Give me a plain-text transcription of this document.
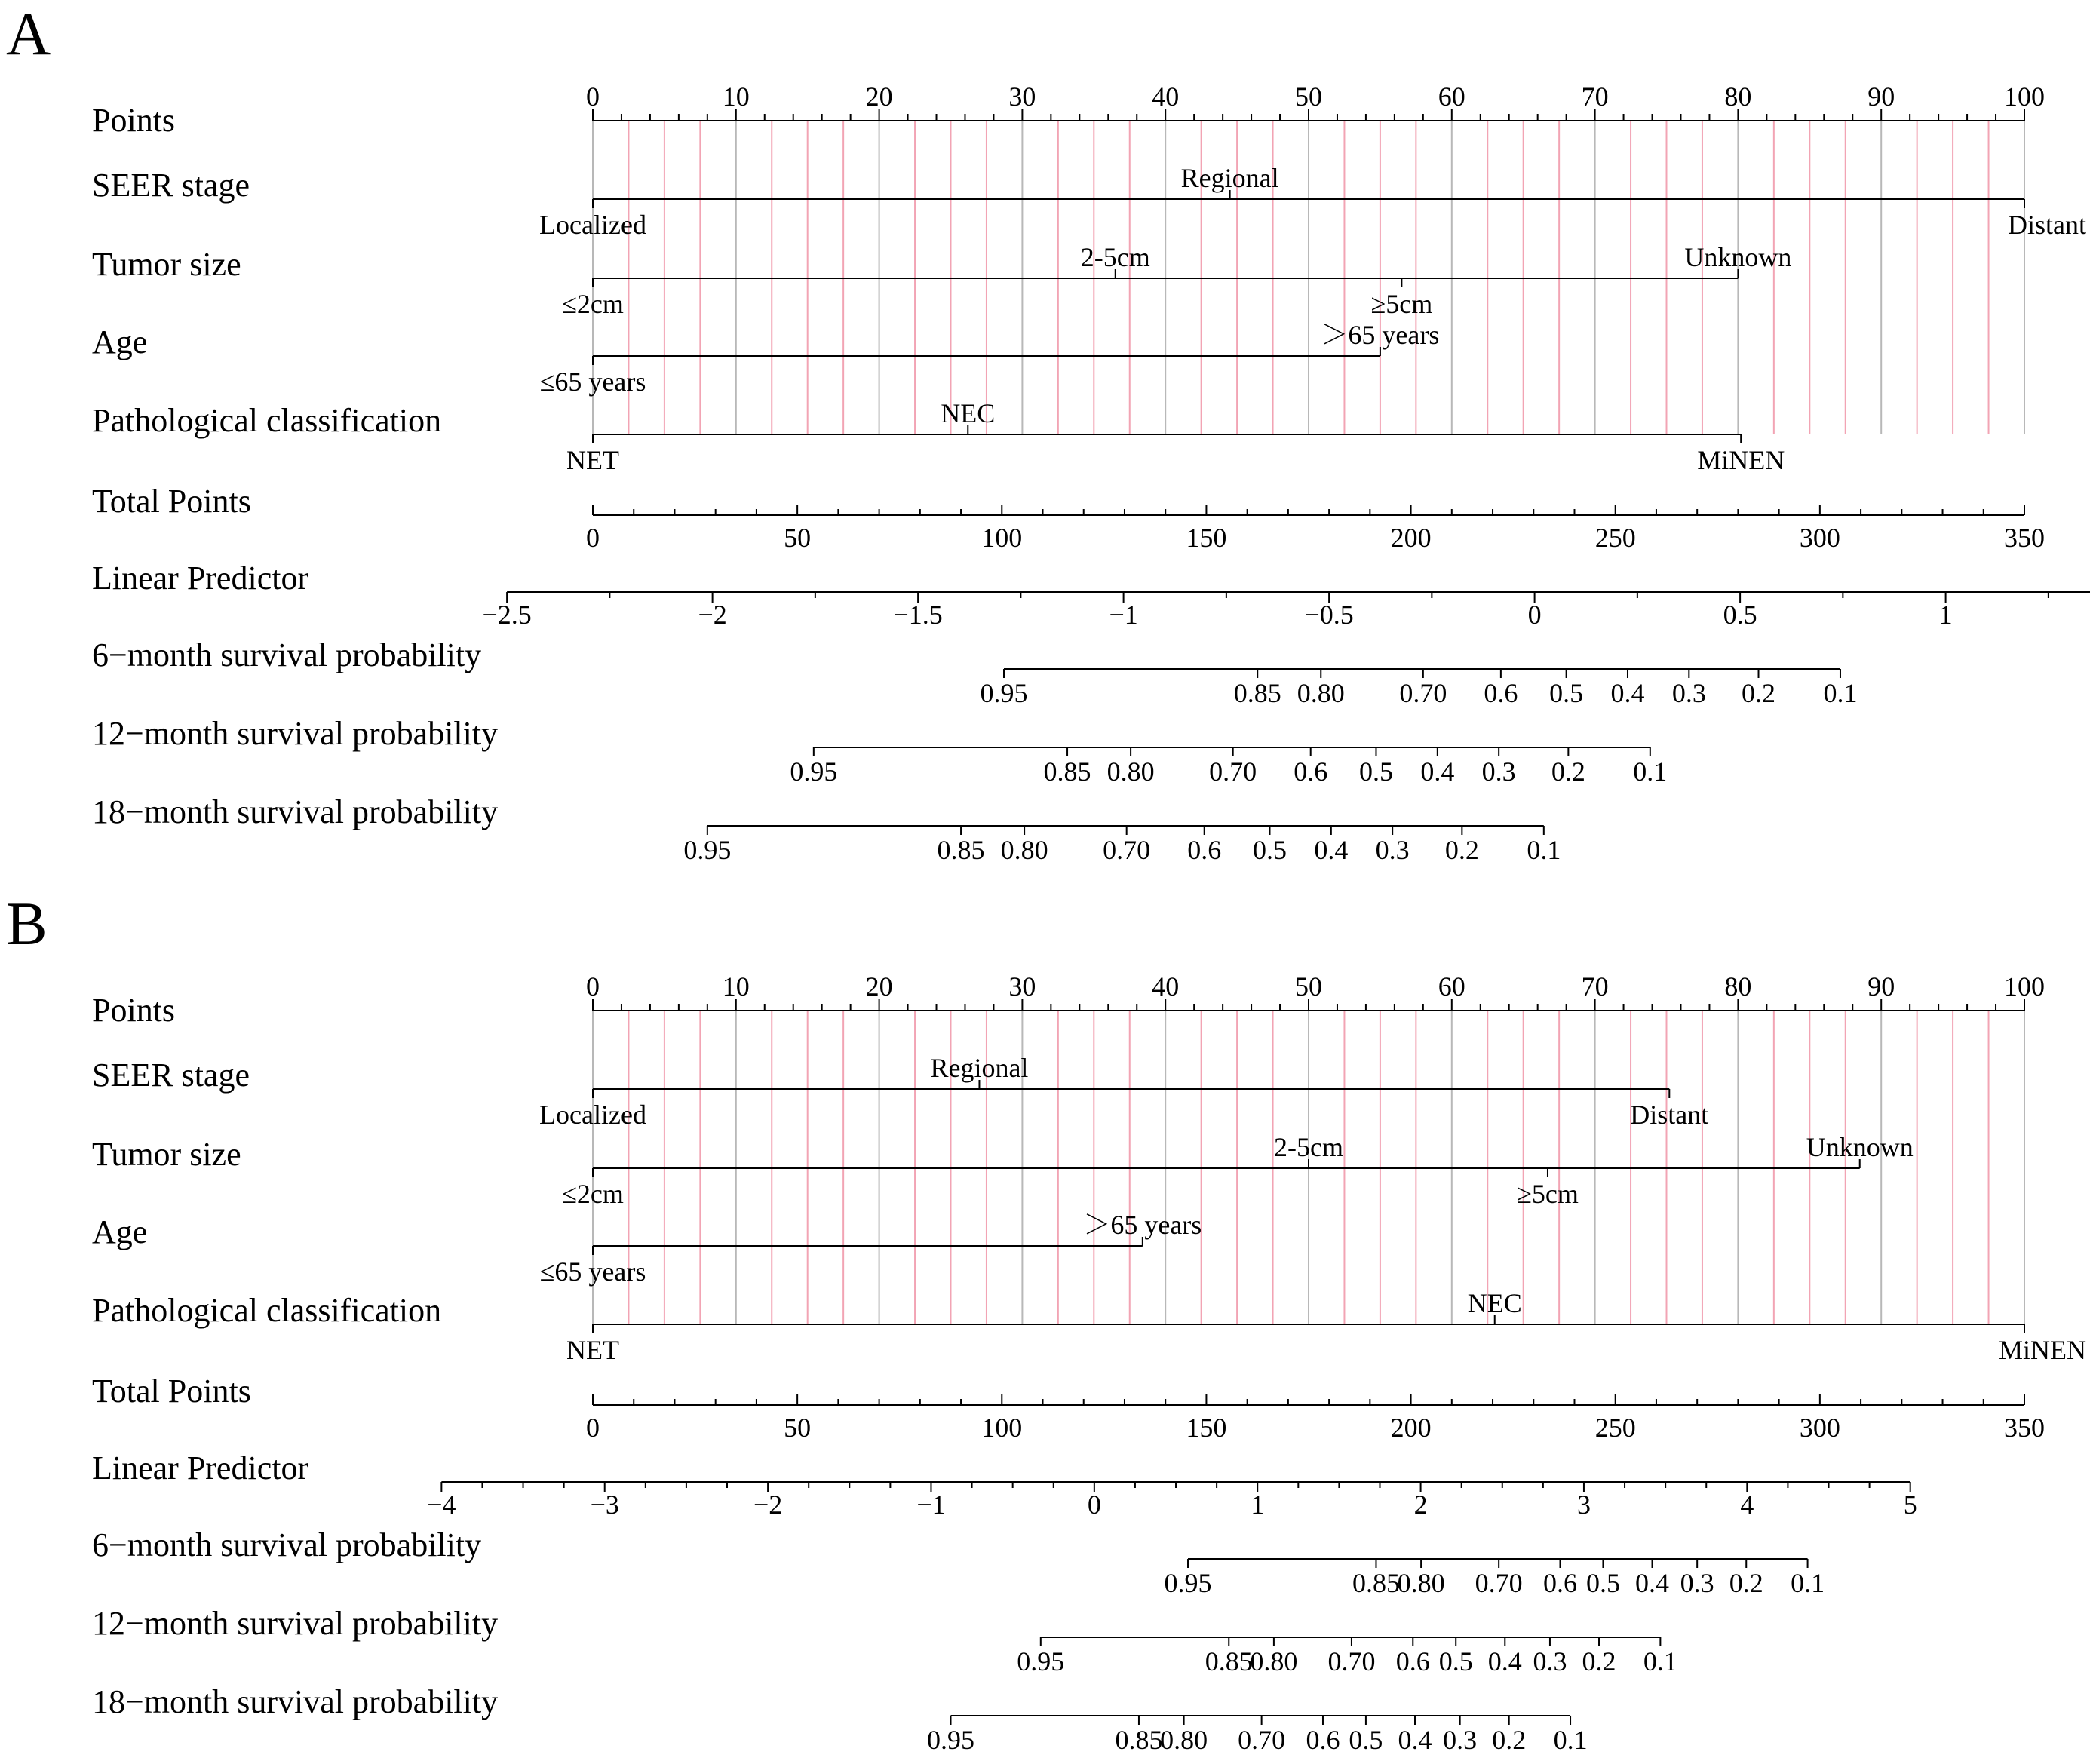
A
Points
0	10	20	30	40	50	60	70	80	90	100
SEER stage
Localized
Regional
Distant
Tumor size
≤2cm
2-5cm
≥5cm
Unknown
Age
≤65 years
＞65 years
Pathological classification
NET
NEC
MiNEN
Total Points
0	50	100	150	200	250	300	350
Linear Predictor
−2.5	−2	−1.5	−1	−0.5	0	0.5	1
6−month survival probability
0.95	0.85 0.80 0.70 0.6 0.5 0.4 0.3 0.2 0.1
12−month survival probability
0.95	0.85 0.80 0.70 0.6 0.5 0.4 0.3 0.2 0.1
18−month survival probability
0.95	0.85 0.80 0.70 0.6 0.5 0.4 0.3 0.2 0.1
B
Points
0	10	20	30	40	50	60	70	80	90	100
SEER stage
Localized
Regional
Distant
Tumor size
≤2cm
2-5cm
≥5cm
Unknown
Age
≤65 years
＞65 years
Pathological classification
NET
NEC
MiNEN
Total Points
0	50	100	150	200	250	300	350
Linear Predictor
−4	−3	−2	−1	0	1	2	3	4	5
6−month survival probability
0.95	0.85
0.80 0.70 0.6 0.5 0.4 0.3 0.2 0.1
12−month survival probability
0.95	0.85
0.80 0.70 0.6 0.5 0.4 0.3 0.2 0.1
18−month survival probability
0.95	0.85
0.80 0.70 0.6 0.5 0.4 0.3 0.2 0.1
